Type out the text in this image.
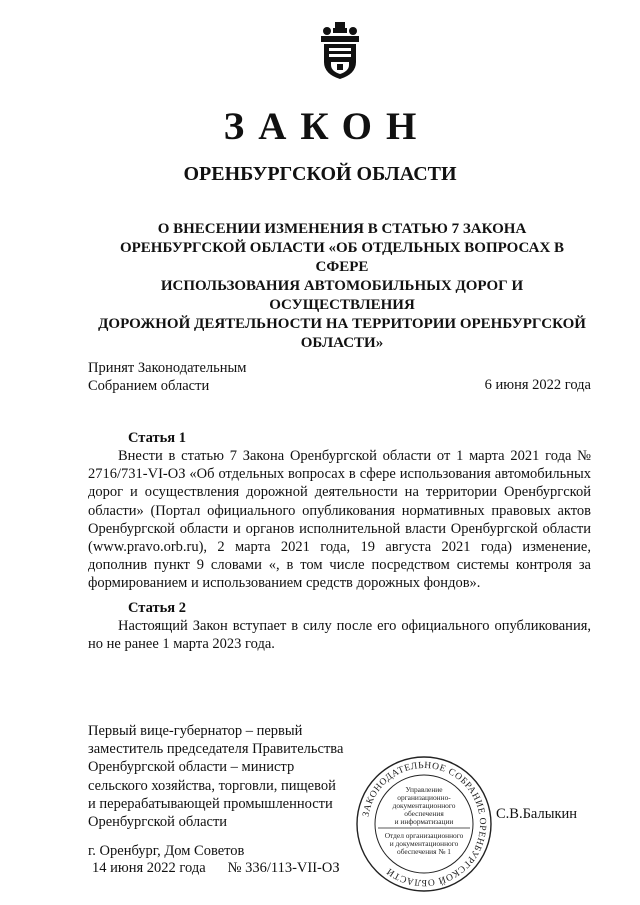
ЗАКОН
ОРЕНБУРГСКОЙ ОБЛАСТИ
О ВНЕСЕНИИ ИЗМЕНЕНИЯ В СТАТЬЮ 7 ЗАКОНА
ОРЕНБУРГСКОЙ ОБЛАСТИ «ОБ ОТДЕЛЬНЫХ ВОПРОСАХ В СФЕРЕ
ИСПОЛЬЗОВАНИЯ АВТОМОБИЛЬНЫХ ДОРОГ И ОСУЩЕСТВЛЕНИЯ
ДОРОЖНОЙ ДЕЯТЕЛЬНОСТИ НА ТЕРРИТОРИИ ОРЕНБУРГСКОЙ
ОБЛАСТИ»
Принят Законодательным
Собранием области	6 июня 2022 года
Статья 1

Внести в статью 7 Закона Оренбургской области от 1 марта 2021 года № 2716/731-VI-ОЗ «Об отдельных вопросах в сфере использования автомобильных дорог и осуществления дорожной деятельности на территории Оренбургской области» (Портал официального опубликования нормативных правовых актов Оренбургской области и органов исполнительной власти Оренбургской области (www.pravo.orb.ru), 2 марта 2021 года, 19 августа 2021 года) изменение, дополнив пункт 9 словами «, в том числе посредством системы контроля за формированием и использованием средств дорожных фондов».

Статья 2

Настоящий Закон вступает в силу после его официального опубликования, но не ранее 1 марта 2023 года.

Первый вице-губернатор – первый
заместитель председателя Правительства
Оренбургской области – министр
сельского хозяйства, торговли, пищевой
и перерабатывающей промышленности
Оренбургской области
С.В.Балыкин
ЗАКОНОДАТЕЛЬНОЕ СОБРАНИЕ ОРЕНБУРГСКОЙ ОБЛАСТИ
Управление
организационно-
документационного
обеспечения
и информатизации
Отдел организационного
и документационного
обеспечения № 1
г. Оренбург, Дом Советов
14 июня 2022 года № 336/113-VII-ОЗ
